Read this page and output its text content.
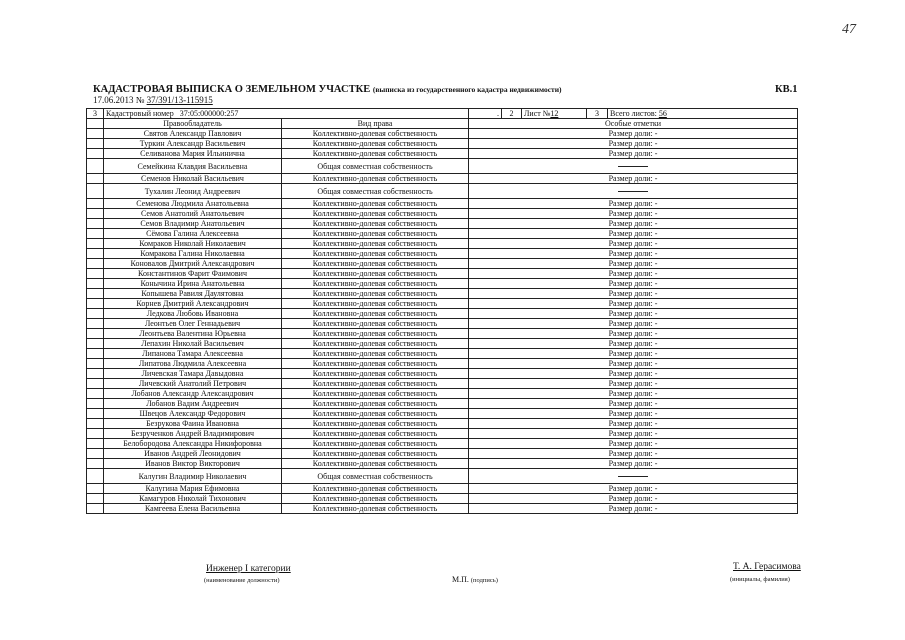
47
КАДАСТРОВАЯ ВЫПИСКА О ЗЕМЕЛЬНОМ УЧАСТКЕ (выписка из государственного кадастра недвижимости)	КВ.1
17.06.2013 № 37/391/13-115915
3	Кадастровый номер 37:05:000000:257		.	2	Лист №12	3	Всего листов: 56
	Правообладатель	Вид права	Особые отметки				
	Святов Александр Павлович	Коллективно-долевая собственность	Размер доли: -				
	Туркин Александр Васильевич	Коллективно-долевая собственность	Размер доли: -				
	Селиванова Мария Ильинична	Коллективно-долевая собственность	Размер доли: -				
	Семейкина Клавдия Васильевна	Общая совместная собственность					
	Семенов Николай Васильевич	Коллективно-долевая собственность	Размер доли: -				
	Тухалин Леонид Андреевич	Общая совместная собственность					
	Семенова Людмила Анатольевна	Коллективно-долевая собственность	Размер доли: -				
	Семов Анатолий Анатольевич	Коллективно-долевая собственность	Размер доли: -				
	Семов Владимир Анатольевич	Коллективно-долевая собственность	Размер доли: -				
	Сёмова Галина Алексеевна	Коллективно-долевая собственность	Размер доли: -				
	Комраков Николай Николаевич	Коллективно-долевая собственность	Размер доли: -				
	Комракова Галина Николаевна	Коллективно-долевая собственность	Размер доли: -				
	Коновалов Дмитрий Александрович	Коллективно-долевая собственность	Размер доли: -				
	Константинов Фарит Фаимович	Коллективно-долевая собственность	Размер доли: -				
	Конычина Ирина Анатольевна	Коллективно-долевая собственность	Размер доли: -				
	Копышева Равиля Даулятовна	Коллективно-долевая собственность	Размер доли: -				
	Корнев Дмитрий Александрович	Коллективно-долевая собственность	Размер доли: -				
	Ледкова Любовь Ивановна	Коллективно-долевая собственность	Размер доли: -				
	Леонтьев Олег Геннадьевич	Коллективно-долевая собственность	Размер доли: -				
	Леонтьева Валентина Юрьевна	Коллективно-долевая собственность	Размер доли: -				
	Лепахин Николай Васильевич	Коллективно-долевая собственность	Размер доли: -				
	Липанова Тамара Алексеевна	Коллективно-долевая собственность	Размер доли: -				
	Липатова Людмила Алексеевна	Коллективно-долевая собственность	Размер доли: -				
	Личевская Тамара Давыдовна	Коллективно-долевая собственность	Размер доли: -				
	Личевский Анатолий Петрович	Коллективно-долевая собственность	Размер доли: -				
	Лобанов Александр Александрович	Коллективно-долевая собственность	Размер доли: -				
	Лобанов Вадим Андреевич	Коллективно-долевая собственность	Размер доли: -				
	Швецов Александр Федорович	Коллективно-долевая собственность	Размер доли: -				
	Безрукова Фаина Ивановна	Коллективно-долевая собственность	Размер доли: -				
	Безрученков Андрей Владимирович	Коллективно-долевая собственность	Размер доли: -				
	Белобородова Александра Никифоровна	Коллективно-долевая собственность	Размер доли: -				
	Иванов Андрей Леонидович	Коллективно-долевая собственность	Размер доли: -				
	Иванов Виктор Викторович	Коллективно-долевая собственность	Размер доли: -				
	Калугин Владимир Николаевич	Общая совместная собственность					
	Калугина Мария Ефимовна	Коллективно-долевая собственность	Размер доли: -				
	Камагуров Николай Тихонович	Коллективно-долевая собственность	Размер доли: -				
	Камгеева Елена Васильевна	Коллективно-долевая собственность	Размер доли: -				
Инженер I категории
(наименование должности)	М.П. (подпись)
Т. А. Герасимова
(инициалы, фамилия)
